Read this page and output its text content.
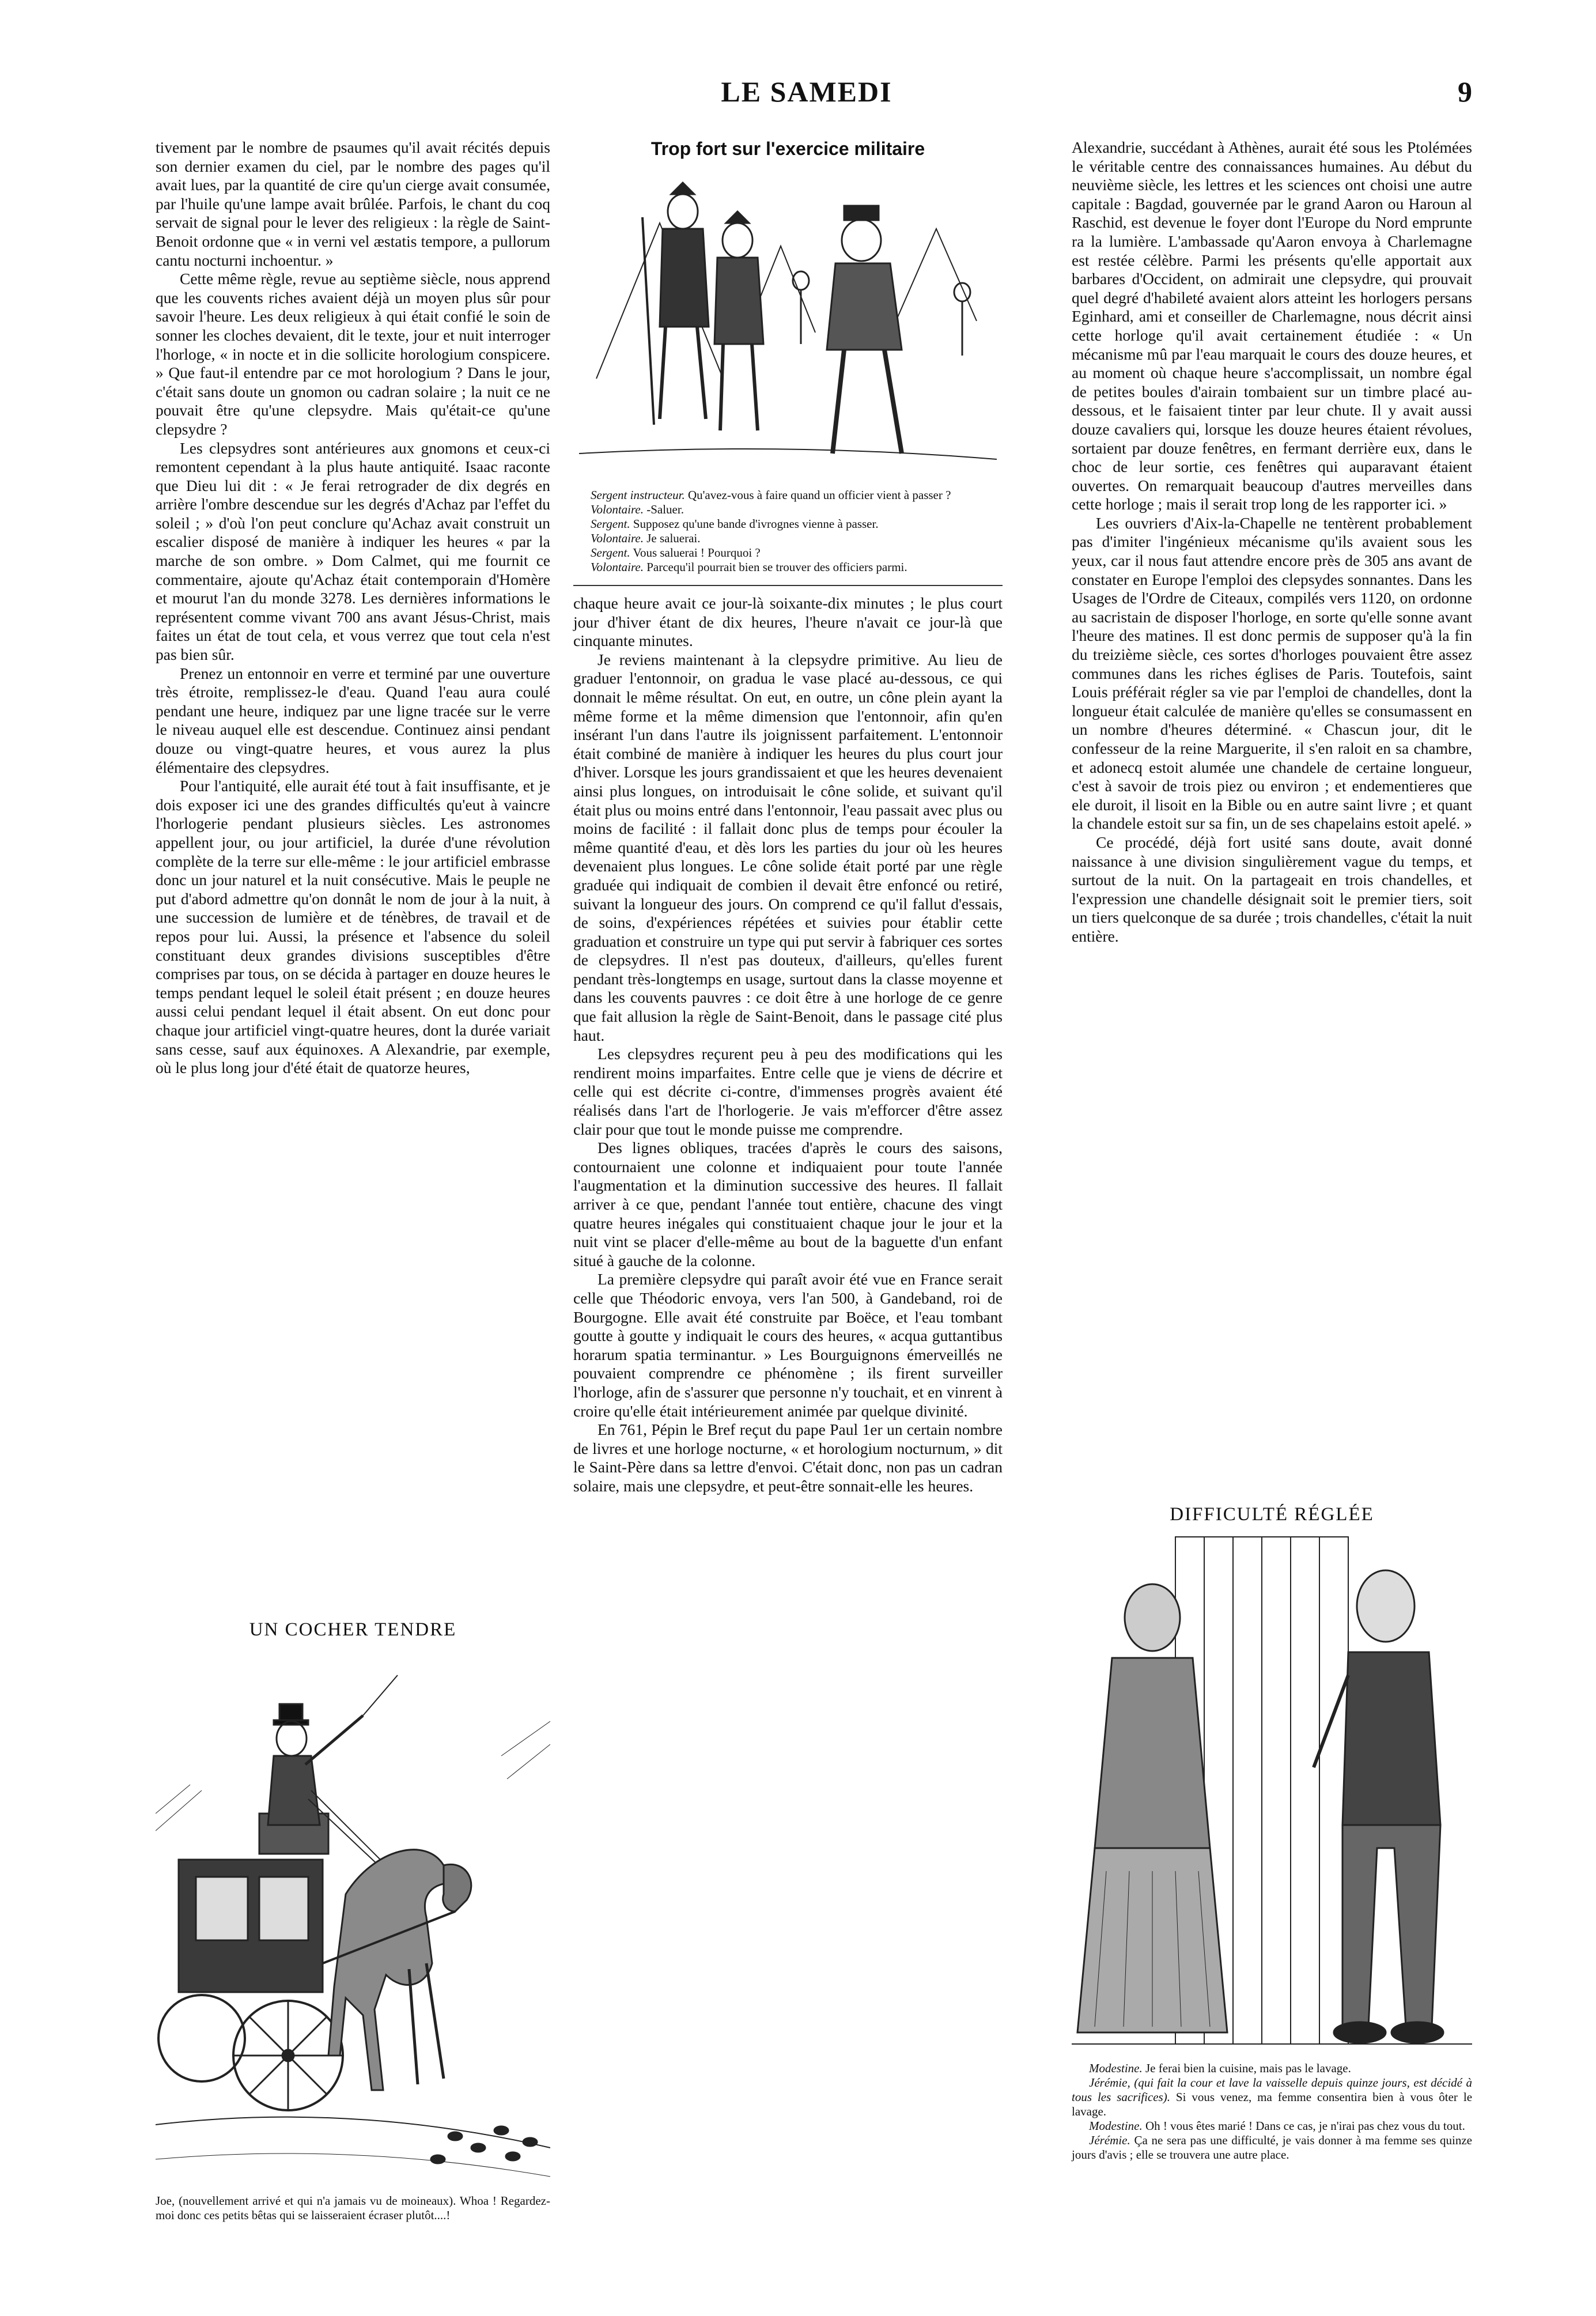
LE SAMEDI	9

tivement par le nombre de psaumes qu'il avait récités depuis son dernier examen du ciel, par le nombre des pages qu'il avait lues, par la quantité de cire qu'un cierge avait consumée, par l'huile qu'une lampe avait brûlée. Parfois, le chant du coq servait de signal pour le lever des religieux : la règle de Saint-Benoit ordonne que « in verni vel æstatis tempore, a pullorum cantu nocturni inchoentur. »

Cette même règle, revue au septième siècle, nous apprend que les couvents riches avaient déjà un moyen plus sûr pour savoir l'heure. Les deux religieux à qui était confié le soin de sonner les cloches devaient, dit le texte, jour et nuit interroger l'horloge, « in nocte et in die sollicite horologium conspicere. » Que faut-il entendre par ce mot horologium ? Dans le jour, c'était sans doute un gnomon ou cadran solaire ; la nuit ce ne pouvait être qu'une clepsydre. Mais qu'était-ce qu'une clepsydre ?

Les clepsydres sont antérieures aux gnomons et ceux-ci remontent cependant à la plus haute antiquité. Isaac raconte que Dieu lui dit : « Je ferai retrograder de dix degrés en arrière l'ombre descendue sur les degrés d'Achaz par l'effet du soleil ; » d'où l'on peut conclure qu'Achaz avait construit un escalier disposé de manière à indiquer les heures « par la marche de son ombre. » Dom Calmet, qui me fournit ce commentaire, ajoute qu'Achaz était contemporain d'Homère et mourut l'an du monde 3278. Les dernières informations le représentent comme vivant 700 ans avant Jésus-Christ, mais faites un état de tout cela, et vous verrez que tout cela n'est pas bien sûr.

Prenez un entonnoir en verre et terminé par une ouverture très étroite, remplissez-le d'eau. Quand l'eau aura coulé pendant une heure, indiquez par une ligne tracée sur le verre le niveau auquel elle est descendue. Continuez ainsi pendant douze ou vingt-quatre heures, et vous aurez la plus élémentaire des clepsydres.

Pour l'antiquité, elle aurait été tout à fait insuffisante, et je dois exposer ici une des grandes difficultés qu'eut à vaincre l'horlogerie pendant plusieurs siècles. Les astronomes appellent jour, ou jour artificiel, la durée d'une révolution complète de la terre sur elle-même : le jour artificiel embrasse donc un jour naturel et la nuit consécutive. Mais le peuple ne put d'abord admettre qu'on donnât le nom de jour à la nuit, à une succession de lumière et de ténèbres, de travail et de repos pour lui. Aussi, la présence et l'absence du soleil constituant deux grandes divisions susceptibles d'être comprises par tous, on se décida à partager en douze heures le temps pendant lequel le soleil était présent ; en douze heures aussi celui pendant lequel il était absent. On eut donc pour chaque jour artificiel vingt-quatre heures, dont la durée variait sans cesse, sauf aux équinoxes. A Alexandrie, par exemple, où le plus long jour d'été était de quatorze heures,

UN COCHER TENDRE

Joe, (nouvellement arrivé et qui n'a jamais vu de moineaux). Whoa ! Regardez-moi donc ces petits bêtas qui se laisseraient écraser plutôt....!

Trop fort sur l'exercice militaire

Sergent instructeur. Qu'avez-vous à faire quand un officier vient à passer ?

Volontaire. -Saluer.

Sergent. Supposez qu'une bande d'ivrognes vienne à passer.

Volontaire. Je saluerai.

Sergent. Vous saluerai ! Pourquoi ?

Volontaire. Parcequ'il pourrait bien se trouver des officiers parmi.

chaque heure avait ce jour-là soixante-dix minutes ; le plus court jour d'hiver étant de dix heures, l'heure n'avait ce jour-là que cinquante minutes.

Je reviens maintenant à la clepsydre primitive. Au lieu de graduer l'entonnoir, on gradua le vase placé au-dessous, ce qui donnait le même résultat. On eut, en outre, un cône plein ayant la même forme et la même dimension que l'entonnoir, afin qu'en insérant l'un dans l'autre ils joignissent parfaitement. L'entonnoir était combiné de manière à indiquer les heures du plus court jour d'hiver. Lorsque les jours grandissaient et que les heures devenaient ainsi plus longues, on introduisait le cône solide, et suivant qu'il était plus ou moins entré dans l'entonnoir, l'eau passait avec plus ou moins de facilité : il fallait donc plus de temps pour écouler la même quantité d'eau, et dès lors les parties du jour où les heures devenaient plus longues. Le cône solide était porté par une règle graduée qui indiquait de combien il devait être enfoncé ou retiré, suivant la longueur des jours. On comprend ce qu'il fallut d'essais, de soins, d'expériences répétées et suivies pour établir cette graduation et construire un type qui put servir à fabriquer ces sortes de clepsydres. Il n'est pas douteux, d'ailleurs, qu'elles furent pendant très-longtemps en usage, surtout dans la classe moyenne et dans les couvents pauvres : ce doit être à une horloge de ce genre que fait allusion la règle de Saint-Benoit, dans le passage cité plus haut.

Les clepsydres reçurent peu à peu des modifications qui les rendirent moins imparfaites. Entre celle que je viens de décrire et celle qui est décrite ci-contre, d'immenses progrès avaient été réalisés dans l'art de l'horlogerie. Je vais m'efforcer d'être assez clair pour que tout le monde puisse me comprendre.

Des lignes obliques, tracées d'après le cours des saisons, contournaient une colonne et indiquaient pour toute l'année l'augmentation et la diminution successive des heures. Il fallait arriver à ce que, pendant l'année tout entière, chacune des vingt quatre heures inégales qui constituaient chaque jour le jour et la nuit vint se placer d'elle-même au bout de la baguette d'un enfant situé à gauche de la colonne.

La première clepsydre qui paraît avoir été vue en France serait celle que Théodoric envoya, vers l'an 500, à Gandeband, roi de Bourgogne. Elle avait été construite par Boëce, et l'eau tombant goutte à goutte y indiquait le cours des heures, « acqua guttantibus horarum spatia terminantur. » Les Bourguignons émerveillés ne pouvaient comprendre ce phénomène ; ils firent surveiller l'horloge, afin de s'assurer que personne n'y touchait, et en vinrent à croire qu'elle était intérieurement animée par quelque divinité.

En 761, Pépin le Bref reçut du pape Paul 1er un certain nombre de livres et une horloge nocturne, « et horologium nocturnum, » dit le Saint-Père dans sa lettre d'envoi. C'était donc, non pas un cadran solaire, mais une clepsydre, et peut-être sonnait-elle les heures.

Alexandrie, succédant à Athènes, aurait été sous les Ptolémées le véritable centre des connaissances humaines. Au début du neuvième siècle, les lettres et les sciences ont choisi une autre capitale : Bagdad, gouvernée par le grand Aaron ou Haroun al Raschid, est devenue le foyer dont l'Europe du Nord emprunte ra la lumière. L'ambassade qu'Aaron envoya à Charlemagne est restée célèbre. Parmi les présents qu'elle apportait aux barbares d'Occident, on admirait une clepsydre, qui prouvait quel degré d'habileté avaient alors atteint les horlogers persans Eginhard, ami et conseiller de Charlemagne, nous décrit ainsi cette horloge qu'il avait certainement étudiée : « Un mécanisme mû par l'eau marquait le cours des douze heures, et au moment où chaque heure s'accomplissait, un nombre égal de petites boules d'airain tombaient sur un timbre placé au-dessous, et le faisaient tinter par leur chute. Il y avait aussi douze cavaliers qui, lorsque les douze heures étaient révolues, sortaient par douze fenêtres, en fermant derrière eux, dans le choc de leur sortie, ces fenêtres qui auparavant étaient ouvertes. On remarquait beaucoup d'autres merveilles dans cette horloge ; mais il serait trop long de les rapporter ici. »

Les ouvriers d'Aix-la-Chapelle ne tentèrent probablement pas d'imiter l'ingénieux mécanisme qu'ils avaient sous les yeux, car il nous faut attendre encore près de 305 ans avant de constater en Europe l'emploi des clepsydes sonnantes. Dans les Usages de l'Ordre de Citeaux, compilés vers 1120, on ordonne au sacristain de disposer l'horloge, en sorte qu'elle sonne avant l'heure des matines. Il est donc permis de supposer qu'à la fin du treizième siècle, ces sortes d'horloges pouvaient être assez communes dans les riches églises de Paris. Toutefois, saint Louis préférait régler sa vie par l'emploi de chandelles, dont la longueur était calculée de manière qu'elles se consumassent en un nombre d'heures déterminé. « Chascun jour, dit le confesseur de la reine Marguerite, il s'en raloit en sa chambre, et adonecq estoit alumée une chandele de certaine longueur, c'est à savoir de trois piez ou environ ; et endementieres que ele duroit, il lisoit en la Bible ou en autre saint livre ; et quant la chandele estoit sur sa fin, un de ses chapelains estoit apelé. »

Ce procédé, déjà fort usité sans doute, avait donné naissance à une division singulièrement vague du temps, et surtout de la nuit. On la partageait en trois chandelles, et l'expression une chandelle désignait soit le premier tiers, soit un tiers quelconque de sa durée ; trois chandelles, c'était la nuit entière.

DIFFICULTÉ RÉGLÉE

Modestine. Je ferai bien la cuisine, mais pas le lavage.

Jérémie, (qui fait la cour et lave la vaisselle depuis quinze jours, est décidé à tous les sacrifices). Si vous venez, ma femme consentira bien à vous ôter le lavage.

Modestine. Oh ! vous êtes marié ! Dans ce cas, je n'irai pas chez vous du tout.

Jérémie. Ça ne sera pas une difficulté, je vais donner à ma femme ses quinze jours d'avis ; elle se trouvera une autre place.
